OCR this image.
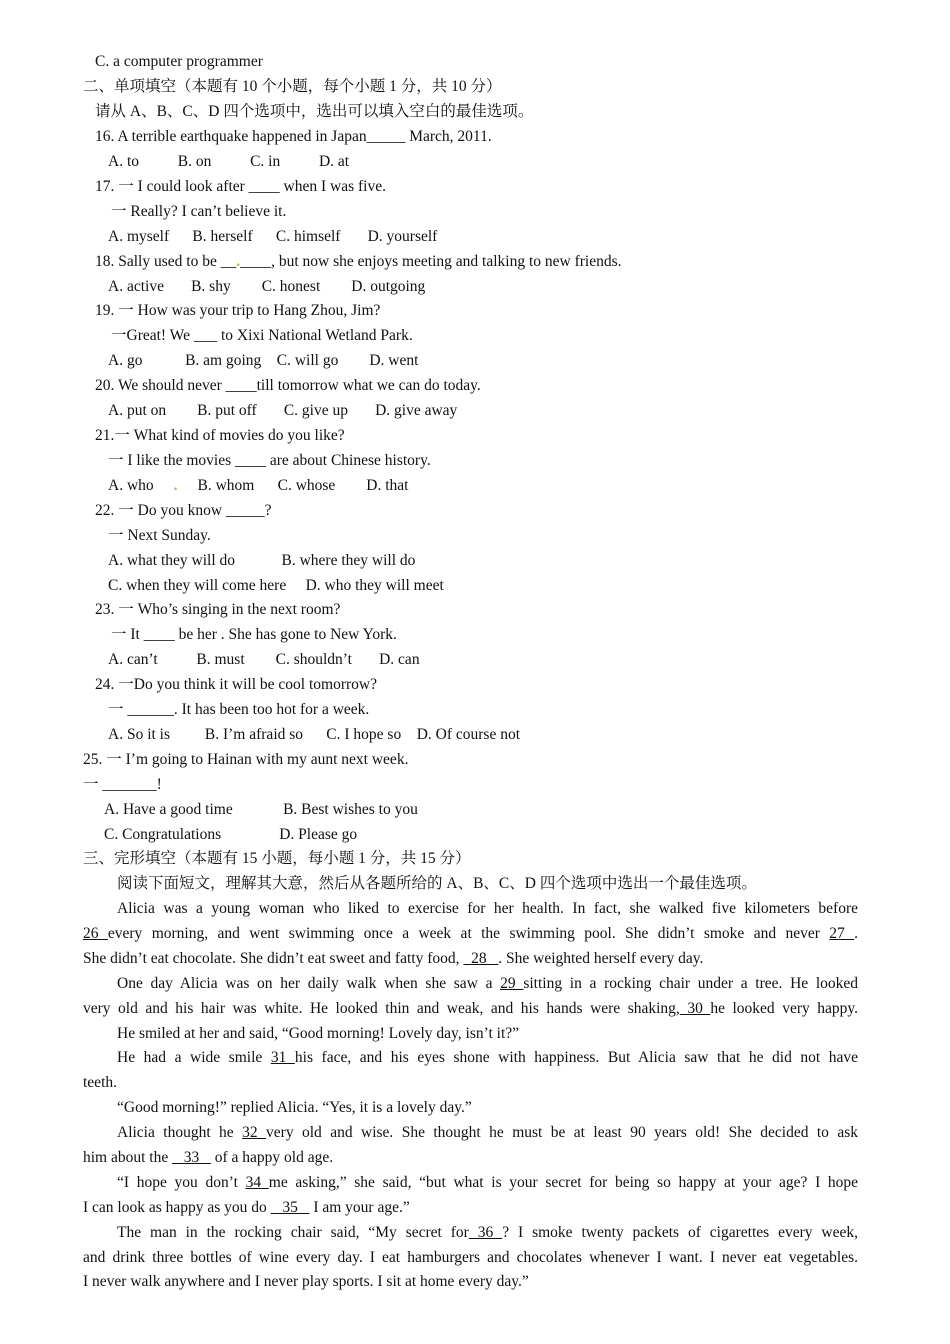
C. a computer programmer
二、单项填空（本题有 10 个小题，每个小题 1 分，共 10 分）
请从 A、B、C、D 四个选项中，选出可以填入空白的最佳选项。
16. A terrible earthquake happened in Japan_____ March, 2011.
A. to          B. on          C. in          D. at
17. 一 I could look after ____ when I was five.
一 Really? I can’t believe it.
A. myself      B. herself      C. himself       D. yourself
18. Sally used to be __.____, but now she enjoys meeting and talking to new friends.
A. active       B. shy        C. honest        D. outgoing
19. 一 How was your trip to Hang Zhou, Jim?
一Great! We ___ to Xixi National Wetland Park.
A. go           B. am going    C. will go        D. went
20. We should never ____till tomorrow what we can do today.
A. put on        B. put off       C. give up       D. give away
21.一 What kind of movies do you like?
一 I like the movies ____ are about Chinese history.
A. who . B. whom      C. whose        D. that
22. 一 Do you know _____?
一 Next Sunday.
A. what they will do            B. where they will do
C. when they will come here     D. who they will meet
23. 一 Who’s singing in the next room?
一 It ____ be her . She has gone to New York.
A. can’t          B. must        C. shouldn’t       D. can
24. 一Do you think it will be cool tomorrow?
一 ______. It has been too hot for a week.
A. So it is         B. I’m afraid so      C. I hope so    D. Of course not
25. 一 I’m going to Hainan with my aunt next week.
一 _______!
A. Have a good time             B. Best wishes to you
C. Congratulations               D. Please go
三、完形填空（本题有 15 小题，每小题 1 分，共 15 分）
阅读下面短文，理解其大意，然后从各题所给的 A、B、C、D 四个选项中选出一个最佳选项。
Alicia was a young woman who liked to exercise for her health. In fact, she walked five kilometers before
26 every morning, and went swimming once a week at the swimming pool. She didn’t smoke and never 27 .
She didn’t eat chocolate. She didn’t eat sweet and fatty food,   28   . She weighted herself every day.
One day Alicia was on her daily walk when she saw a 29 sitting in a rocking chair under a tree. He looked
very old and his hair was white. He looked thin and weak, and his hands were shaking, 30 he looked very happy.
He smiled at her and said, “Good morning! Lovely day, isn’t it?”
He had a wide smile 31 his face, and his eyes shone with happiness. But Alicia saw that he did not have
teeth.
“Good morning!” replied Alicia. “Yes, it is a lovely day.”
Alicia thought he 32 very old and wise. She thought he must be at least 90 years old! She decided to ask
him about the    33    of a happy old age.
“I hope you don’t 34 me asking,” she said, “but what is your secret for being so happy at your age? I hope
I can look as happy as you do    35    I am your age.”
The man in the rocking chair said, “My secret for 36 ? I smoke twenty packets of cigarettes every week,
and drink three bottles of wine every day. I eat hamburgers and chocolates whenever I want. I never eat vegetables.
I never walk anywhere and I never play sports. I sit at home every day.”
